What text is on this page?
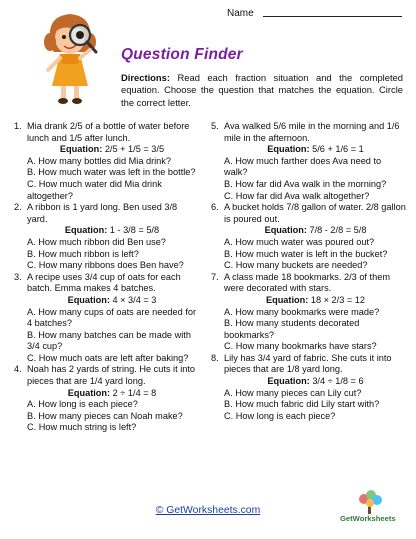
Name
Question Finder
Directions: Read each fraction situation and the completed equation. Choose the question that matches the equation. Circle the correct letter.
1. Mia drank 2/5 of a bottle of water before lunch and 1/5 after lunch.
Equation: 2/5 + 1/5 = 3/5
A. How many bottles did Mia drink?
B. How much water was left in the bottle?
C. How much water did Mia drink altogether?
2. A ribbon is 1 yard long. Ben used 3/8 yard.
Equation: 1 - 3/8 = 5/8
A. How much ribbon did Ben use?
B. How much ribbon is left?
C. How many ribbons does Ben have?
3. A recipe uses 3/4 cup of oats for each batch. Emma makes 4 batches.
Equation: 4 × 3/4 = 3
A. How many cups of oats are needed for 4 batches?
B. How many batches can be made with 3/4 cup?
C. How much oats are left after baking?
4. Noah has 2 yards of string. He cuts it into pieces that are 1/4 yard long.
Equation: 2 ÷ 1/4 = 8
A. How long is each piece?
B. How many pieces can Noah make?
C. How much string is left?
5. Ava walked 5/6 mile in the morning and 1/6 mile in the afternoon.
Equation: 5/6 + 1/6 = 1
A. How much farther does Ava need to walk?
B. How far did Ava walk in the morning?
C. How far did Ava walk altogether?
6. A bucket holds 7/8 gallon of water. 2/8 gallon is poured out.
Equation: 7/8 - 2/8 = 5/8
A. How much water was poured out?
B. How much water is left in the bucket?
C. How many buckets are needed?
7. A class made 18 bookmarks. 2/3 of them were decorated with stars.
Equation: 18 × 2/3 = 12
A. How many bookmarks were made?
B. How many students decorated bookmarks?
C. How many bookmarks have stars?
8. Lily has 3/4 yard of fabric. She cuts it into pieces that are 1/8 yard long.
Equation: 3/4 ÷ 1/8 = 6
A. How many pieces can Lily cut?
B. How much fabric did Lily start with?
C. How long is each piece?
© GetWorksheets.com
GetWorksheets
